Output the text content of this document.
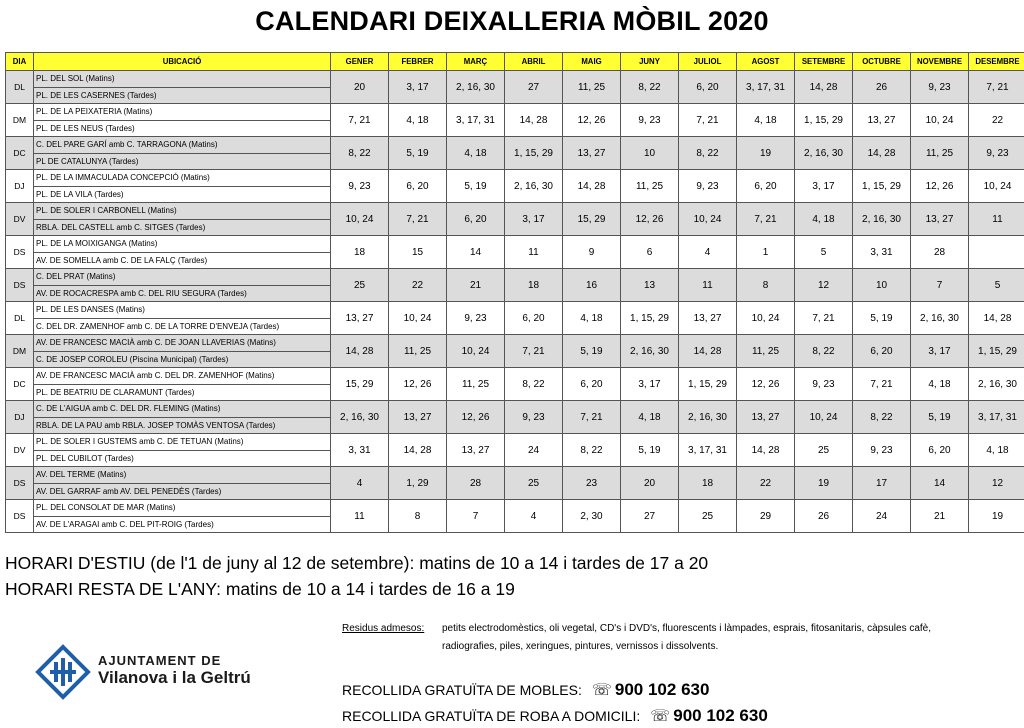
CALENDARI DEIXALLERIA MÒBIL 2020
DIA	UBICACIÓ	GENER	FEBRER	MARÇ	ABRIL	MAIG	JUNY	JULIOL	AGOST	SETEMBRE	OCTUBRE	NOVEMBRE	DESEMBRE
DL	PL. DEL SOL (Matins)	20	3, 17	2, 16, 30	27	11, 25	8, 22	6, 20	3, 17, 31	14, 28	26	9, 23	7, 21
	PL. DE LES CASERNES (Tardes)												
DM	PL. DE LA PEIXATERIA (Matins)	7, 21	4, 18	3, 17, 31	14, 28	12, 26	9, 23	7, 21	4, 18	1, 15, 29	13, 27	10, 24	22
	PL. DE LES NEUS (Tardes)												
DC	C. DEL PARE GARÍ amb C. TARRAGONA (Matins)	8, 22	5, 19	4, 18	1, 15, 29	13, 27	10	8, 22	19	2, 16, 30	14, 28	11, 25	9, 23
	PL DE CATALUNYA (Tardes)												
DJ	PL. DE LA IMMACULADA CONCEPCIÓ (Matins)	9, 23	6, 20	5, 19	2, 16, 30	14, 28	11, 25	9, 23	6, 20	3, 17	1, 15, 29	12, 26	10, 24
	PL. DE LA VILA (Tardes)												
DV	PL. DE SOLER I CARBONELL (Matins)	10, 24	7, 21	6, 20	3, 17	15, 29	12, 26	10, 24	7, 21	4, 18	2, 16, 30	13, 27	11
	RBLA. DEL CASTELL amb C. SITGES (Tardes)												
DS	PL. DE LA MOIXIGANGA (Matins)	18	15	14	11	9	6	4	1	5	3, 31	28	
	AV. DE SOMELLA amb C. DE LA FALÇ (Tardes)												
DS	C. DEL PRAT (Matins)	25	22	21	18	16	13	11	8	12	10	7	5
	AV. DE ROCACRESPA amb C. DEL RIU SEGURA (Tardes)												
DL	PL. DE LES DANSES (Matins)	13, 27	10, 24	9, 23	6, 20	4, 18	1, 15, 29	13, 27	10, 24	7, 21	5, 19	2, 16, 30	14, 28
	C. DEL DR. ZAMENHOF amb C. DE LA TORRE D'ENVEJA (Tardes)												
DM	AV. DE FRANCESC MACIÀ amb C. DE JOAN LLAVERIAS (Matins)	14, 28	11, 25	10, 24	7, 21	5, 19	2, 16, 30	14, 28	11, 25	8, 22	6, 20	3, 17	1, 15, 29
	C. DE JOSEP COROLEU (Piscina Municipal) (Tardes)												
DC	AV. DE FRANCESC MACIÀ amb C. DEL DR. ZAMENHOF (Matins)	15, 29	12, 26	11, 25	8, 22	6, 20	3, 17	1, 15, 29	12, 26	9, 23	7, 21	4, 18	2, 16, 30
	PL. DE BEATRIU DE CLARAMUNT (Tardes)												
DJ	C. DE L'AIGUA amb C. DEL DR. FLEMING (Matins)	2, 16, 30	13, 27	12, 26	9, 23	7, 21	4, 18	2, 16, 30	13, 27	10, 24	8, 22	5, 19	3, 17, 31
	RBLA. DE LA PAU amb RBLA. JOSEP TOMÀS VENTOSA (Tardes)												
DV	PL. DE SOLER I GUSTEMS amb C. DE TETUAN (Matins)	3, 31	14, 28	13, 27	24	8, 22	5, 19	3, 17, 31	14, 28	25	9, 23	6, 20	4, 18
	PL. DEL CUBILOT (Tardes)												
DS	AV. DEL TERME (Matins)	4	1, 29	28	25	23	20	18	22	19	17	14	12
	AV. DEL GARRAF amb AV. DEL PENEDÈS (Tardes)												
DS	PL. DEL CONSOLAT DE MAR (Matins)	11	8	7	4	2, 30	27	25	29	26	24	21	19
	AV. DE L'ARAGAI amb C. DEL PIT-ROIG (Tardes)												
HORARI D'ESTIU (de l'1 de juny al 12 de setembre): matins de 10 a 14 i tardes de 17 a 20
HORARI RESTA DE L'ANY: matins de 10 a 14 i tardes de 16 a 19
Residus admesos: petits electrodomèstics, oli vegetal, CD's i DVD's, fluorescents i làmpades, esprais, fitosanitaris, càpsules cafè,
radiografies, piles, xeringues, pintures, vernissos i dissolvents.
AJUNTAMENT DE
Vilanova i la Geltrú
RECOLLIDA GRATUÏTA DE MOBLES: ☏ 900 102 630
RECOLLIDA GRATUÏTA DE ROBA A DOMICILI: ☏ 900 102 630
